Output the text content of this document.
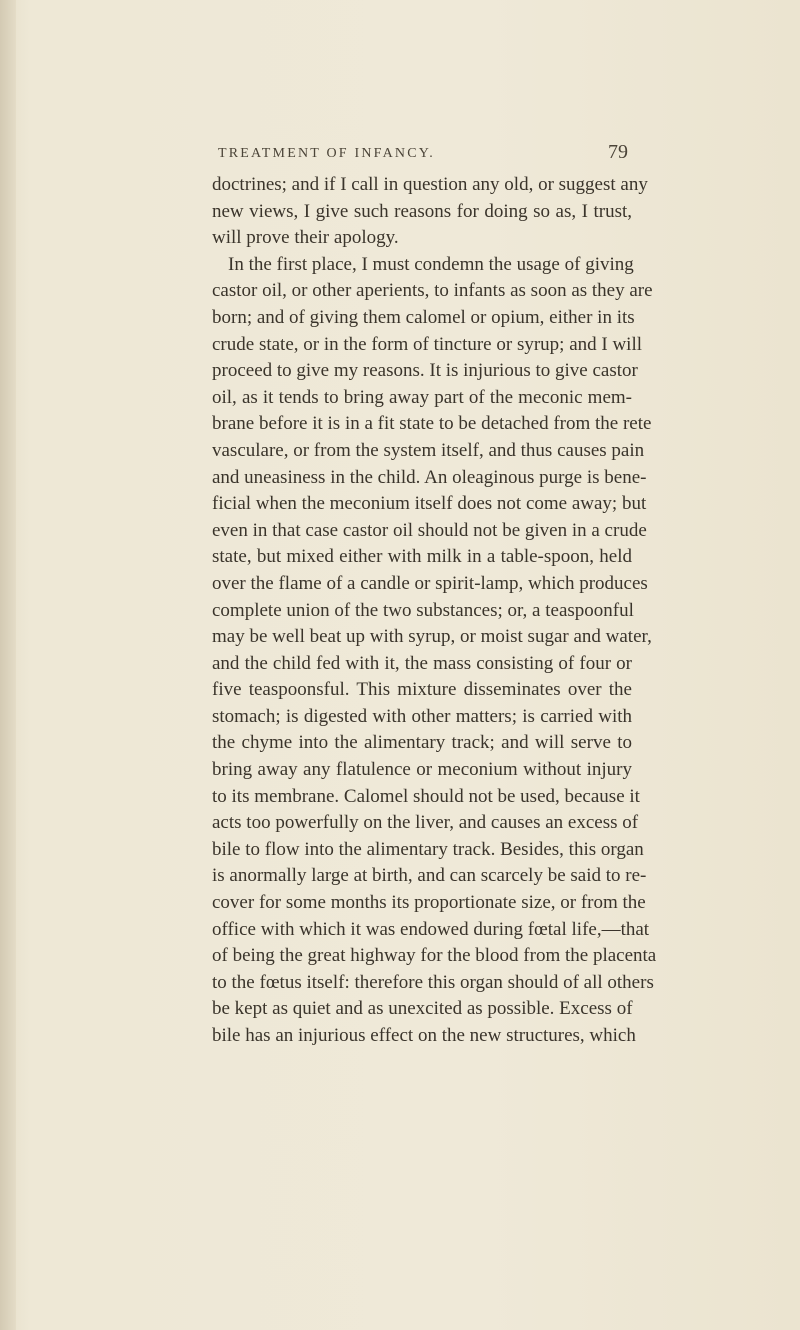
TREATMENT OF INFANCY.	79
doctrines; and if I call in question any old, or suggest any
new views, I give such reasons for doing so as, I trust,
will prove their apology.
In the first place, I must condemn the usage of giving
castor oil, or other aperients, to infants as soon as they are
born; and of giving them calomel or opium, either in its
crude state, or in the form of tincture or syrup; and I will
proceed to give my reasons. It is injurious to give castor
oil, as it tends to bring away part of the meconic mem-
brane before it is in a fit state to be detached from the rete
vasculare, or from the system itself, and thus causes pain
and uneasiness in the child. An oleaginous purge is bene-
ficial when the meconium itself does not come away; but
even in that case castor oil should not be given in a crude
state, but mixed either with milk in a table-spoon, held
over the flame of a candle or spirit-lamp, which produces
complete union of the two substances; or, a teaspoonful
may be well beat up with syrup, or moist sugar and water,
and the child fed with it, the mass consisting of four or
five teaspoonsful. This mixture disseminates over the
stomach; is digested with other matters; is carried with
the chyme into the alimentary track; and will serve to
bring away any flatulence or meconium without injury
to its membrane. Calomel should not be used, because it
acts too powerfully on the liver, and causes an excess of
bile to flow into the alimentary track. Besides, this organ
is anormally large at birth, and can scarcely be said to re-
cover for some months its proportionate size, or from the
office with which it was endowed during fœtal life,—that
of being the great highway for the blood from the placenta
to the fœtus itself: therefore this organ should of all others
be kept as quiet and as unexcited as possible. Excess of
bile has an injurious effect on the new structures, which
